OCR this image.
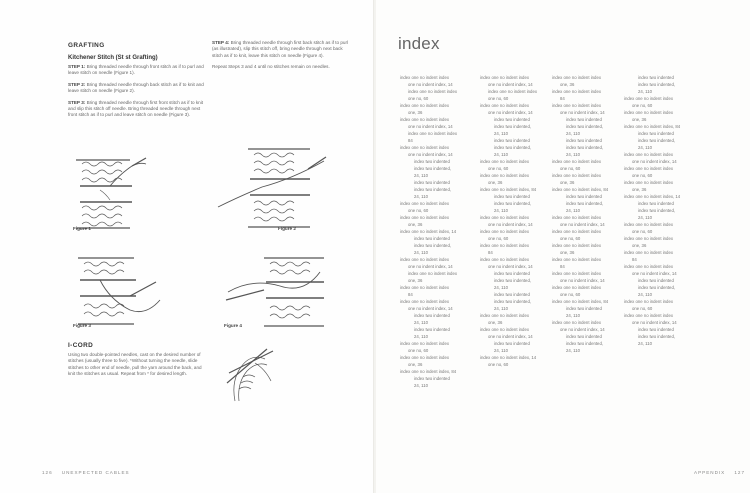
GRAFTING
Kitchener Stitch (St st Grafting)

STEP 1: Bring threaded needle through front stitch as if to purl and leave stitch on needle (Figure 1).

STEP 2: Bring threaded needle through back stitch as if to knit and leave stitch on needle (Figure 2).

STEP 3: Bring threaded needle through first front stitch as if to knit and slip this stitch off needle. Bring threaded needle through next front stitch as if to purl and leave stitch on needle (Figure 3).

STEP 4: Bring threaded needle through first back stitch as if to purl (as illustrated), slip this stitch off, bring needle through next back stitch as if to knit, leave this stitch on needle (Figure 4).

Repeat Steps 3 and 4 until no stitches remain on needles.

Figure 1	Figure 2
Figure 3	Figure 4
I-CORD
Using two double-pointed needles, cast on the desired number of stitches (usually three to five). *Without turning the needle, slide stitches to other end of needle, pull the yarn around the back, and knit the stitches as usual. Repeat from * for desired length.
126 UNEXPECTED CABLES	APPENDIX 127
index
index one no indent index
one no indent index, 14
index one no indent index
one no, 60
index one no indent index
one, 36
index one no indent index
one no indent index, 14
index one no indent index
84
index one no indent index
one no indent index, 14
index two indented
index two indented,
24, 110
index two indented
index two indented,
24, 110
index one no indent index
one no, 60
index one no indent index
one, 36
index one no indent index, 14
index two indented
index two indented,
24, 110
index one no indent index
one no indent index, 14
index one no indent index
one, 36
index one no indent index
84
index one no indent index
one no indent index, 14
index two indented
24, 110
index two indented
24, 110
index one no indent index
one no, 60
index one no indent index
one, 36
index one no indent index, 84
index two indented
24, 110
index one no indent index
one no indent index, 14
index one no indent index
one no, 60
index one no indent index
one no indent index, 14
index two indented
index two indented,
24, 110
index two indented
index two indented,
24, 110
index one no indent index
one no, 60
index one no indent index
one, 36
index one no indent index, 84
index two indented
index two indented,
24, 110
index one no indent index
one no indent index, 14
index one no indent index
one no, 60
index one no indent index
84
index one no indent index
one no indent index, 14
index two indented
index two indented,
24, 110
index two indented
index two indented,
24, 110
index one no indent index
one, 36
index one no indent index
one no indent index, 14
index two indented
24, 110
index one no indent index, 14
one no, 60
index one no indent index
one, 36
index one no indent index
84
index one no indent index
one no indent index, 14
index two indented
index two indented,
24, 110
index two indented
index two indented,
24, 110
index one no indent index
one no, 60
index one no indent index
one, 36
index one no indent index, 84
index two indented
index two indented,
24, 110
index one no indent index
one no indent index, 14
index one no indent index
one no, 60
index one no indent index
one, 36
index one no indent index
84
index one no indent index
one no indent index, 14
index one no indent index
one no, 60
index one no indent index, 84
index two indented
24, 110
index one no indent index
one no indent index, 14
index two indented
index two indented,
24, 110
index two indented
index two indented,
24, 110
index one no indent index
one no, 60
index one no indent index
one, 36
index one no indent index, 84
index two indented
index two indented,
24, 110
index one no indent index
one no indent index, 14
index one no indent index
one no, 60
index one no indent index
one, 36
index one no indent index, 14
index two indented
index two indented,
24, 110
index one no indent index
one no, 60
index one no indent index
one, 36
index one no indent index
84
index one no indent index
one no indent index, 14
index two indented
index two indented,
24, 110
index one no indent index
one no, 60
index one no indent index
one no indent index, 14
index two indented
index two indented,
24, 110
